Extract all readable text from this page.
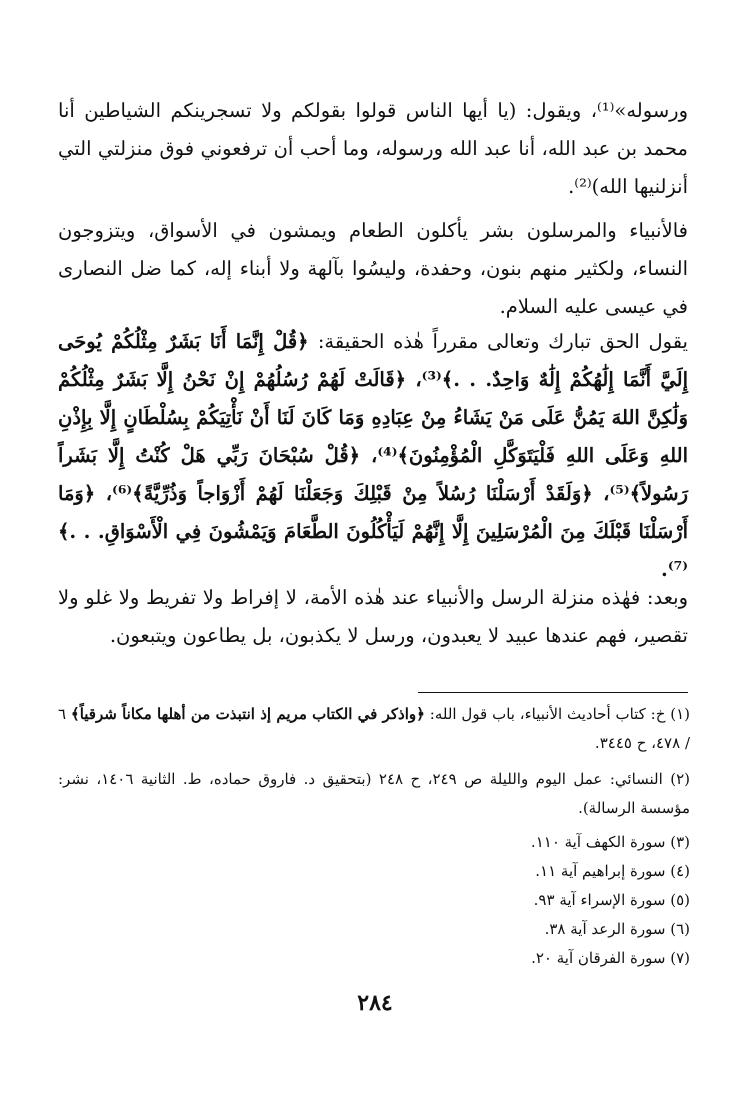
ورسوله»⁽¹⁾، ويقول: (يا أيها الناس قولوا بقولكم ولا تسجرينكم الشياطين أنا محمد بن عبد الله، أنا عبد الله ورسوله، وما أحب أن ترفعوني فوق منزلتي التي أنزلنيها الله)⁽²⁾.

فالأنبياء والمرسلون بشر يأكلون الطعام ويمشون في الأسواق، ويتزوجون النساء، ولكثير منهم بنون، وحفدة، وليسُوا بآلهة ولا أبناء إله، كما ضل النصارى في عيسى عليه السلام.

يقول الحق تبارك وتعالى مقرراً هٰذه الحقيقة: ﴿قُلْ إِنَّمَا أَنَا بَشَرٌ مِثْلُكُمْ يُوحَى إِلَيَّ أَنَّمَا إِلَٰهُكُمْ إِلَٰهٌ وَاحِدٌ. . .﴾⁽³⁾، ﴿قَالَتْ لَهُمْ رُسُلُهُمْ إِنْ نَحْنُ إِلَّا بَشَرٌ مِثْلُكُمْ وَلَٰكِنَّ اللهَ يَمُنُّ عَلَى مَنْ يَشَاءُ مِنْ عِبَادِهِ وَمَا كَانَ لَنَا أَنْ نَأْتِيَكُمْ بِسُلْطَانٍ إِلَّا بِإِذْنِ اللهِ وَعَلَى اللهِ فَلْيَتَوَكَّلِ الْمُؤْمِنُونَ﴾⁽⁴⁾، ﴿قُلْ سُبْحَانَ رَبِّي هَلْ كُنْتُ إِلَّا بَشَراً رَسُولاً﴾⁽⁵⁾، ﴿وَلَقَدْ أَرْسَلْنَا رُسُلاً مِنْ قَبْلِكَ وَجَعَلْنَا لَهُمْ أَزْوَاجاً وَذُرِّيَّةً﴾⁽⁶⁾، ﴿وَمَا أَرْسَلْنَا قَبْلَكَ مِنَ الْمُرْسَلِينَ إِلَّا إِنَّهُمْ لَيَأْكُلُونَ الطَّعَامَ وَيَمْشُونَ فِي الْأَسْوَاقِ. . .﴾⁽⁷⁾.

وبعد: فهٰذه منزلة الرسل والأنبياء عند هٰذه الأمة، لا إفراط ولا تفريط ولا غلو ولا تقصير، فهم عندها عبيد لا يعبدون، ورسل لا يكذبون، بل يطاعون ويتبعون.

(١) خ: كتاب أحاديث الأنبياء، باب قول الله: ﴿واذكر في الكتاب مريم إذ انتبذت من أهلها مكاناً شرقياً﴾ ٦ / ٤٧٨، ح ٣٤٤٥.

(٢) النسائي: عمل اليوم والليلة ص ٢٤٩، ح ٢٤٨ (بتحقيق د. فاروق حماده، ط. الثانية ١٤٠٦، نشر: مؤسسة الرسالة).

(٣) سورة الكهف آية ١١٠.

(٤) سورة إبراهيم آية ١١.

(٥) سورة الإسراء آية ٩٣.

(٦) سورة الرعد آية ٣٨.

(٧) سورة الفرقان آية ٢٠.

٢٨٤
